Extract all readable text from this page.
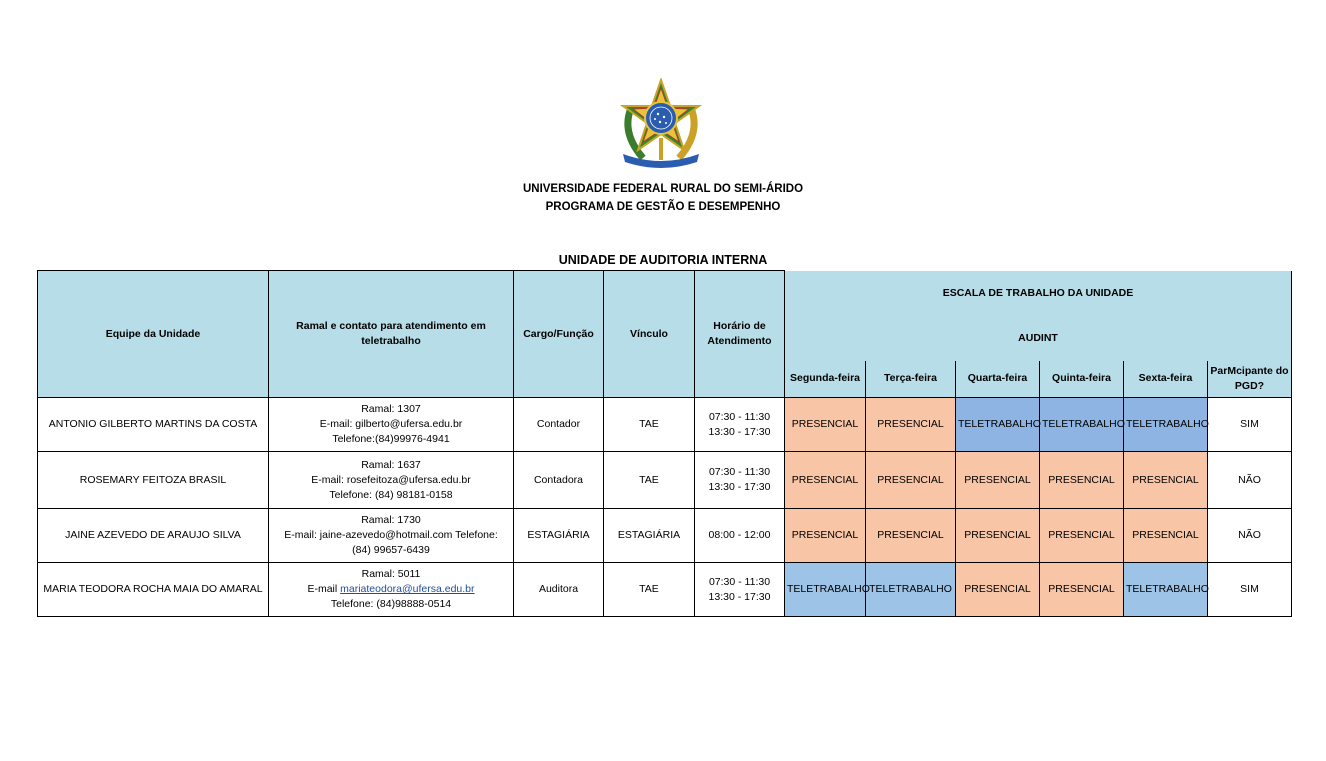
UNIVERSIDADE FEDERAL RURAL DO SEMI-ÁRIDO
PROGRAMA DE GESTÃO E DESEMPENHO
UNIDADE DE AUDITORIA INTERNA
Equipe da Unidade	Ramal e contato para atendimento em teletrabalho	Cargo/Função	Vínculo	Horário de Atendimento	ESCALA DE TRABALHO DA UNIDADE					
					AUDINT					
					Segunda-feira	Terça-feira	Quarta-feira	Quinta-feira	Sexta-feira	ParMcipante do PGD?
ANTONIO GILBERTO MARTINS DA COSTA	Ramal: 1307
E-mail: gilberto@ufersa.edu.br
Telefone:(84)99976-4941	Contador	TAE	07:30 - 11:30
13:30 - 17:30	PRESENCIAL	PRESENCIAL	TELETRABALHO	TELETRABALHO	TELETRABALHO	SIM
ROSEMARY FEITOZA BRASIL	Ramal: 1637
E-mail: rosefeitoza@ufersa.edu.br
Telefone: (84) 98181-0158	Contadora	TAE	07:30 - 11:30
13:30 - 17:30	PRESENCIAL	PRESENCIAL	PRESENCIAL	PRESENCIAL	PRESENCIAL	NÃO
JAINE AZEVEDO DE ARAUJO SILVA	Ramal: 1730
E-mail: jaine-azevedo@hotmail.com Telefone:
(84) 99657-6439	ESTAGIÁRIA	ESTAGIÁRIA	08:00 - 12:00	PRESENCIAL	PRESENCIAL	PRESENCIAL	PRESENCIAL	PRESENCIAL	NÃO
MARIA TEODORA ROCHA MAIA DO AMARAL	Ramal: 5011
E-mail mariateodora@ufersa.edu.br
Telefone: (84)98888-0514	Auditora	TAE	07:30 - 11:30
13:30 - 17:30	TELETRABALHO	TELETRABALHO	PRESENCIAL	PRESENCIAL	TELETRABALHO	SIM
